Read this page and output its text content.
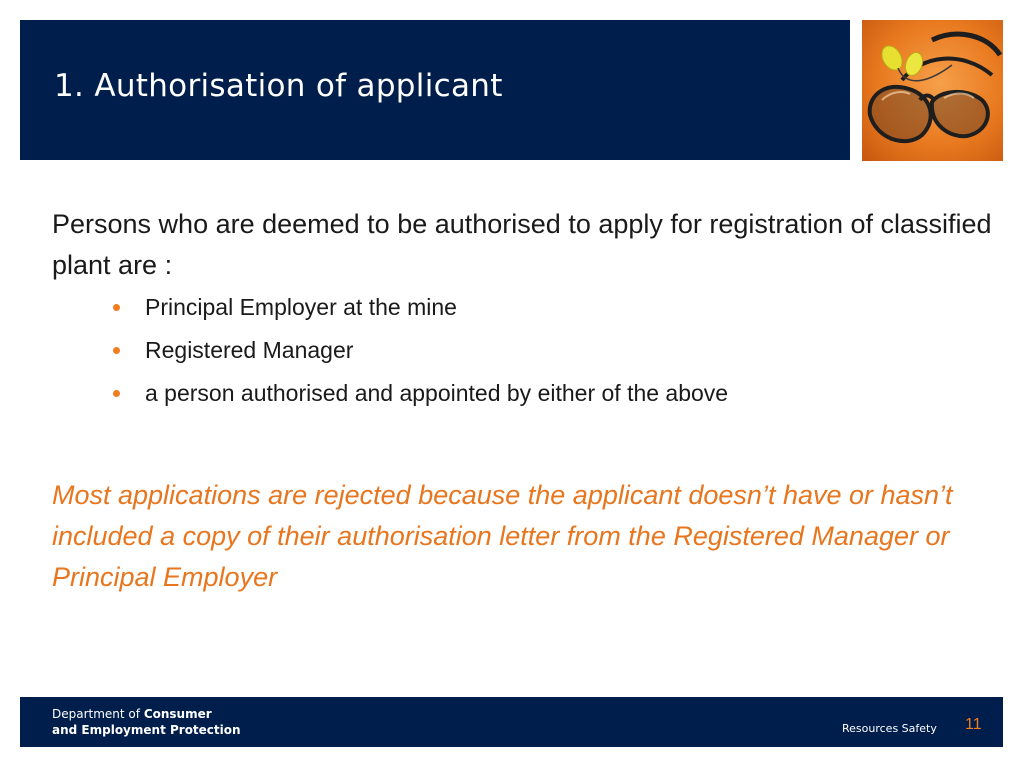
1. Authorisation of applicant

Persons who are deemed to be authorised to apply for registration of classified plant are :

Principal Employer at the mine
Registered Manager
a person authorised and appointed by either of the above

Most applications are rejected because the applicant doesn’t have or hasn’t included a copy of their authorisation letter from the Registered Manager or Principal Employer

Department of Consumer
and Employment Protection	Resources Safety 11
